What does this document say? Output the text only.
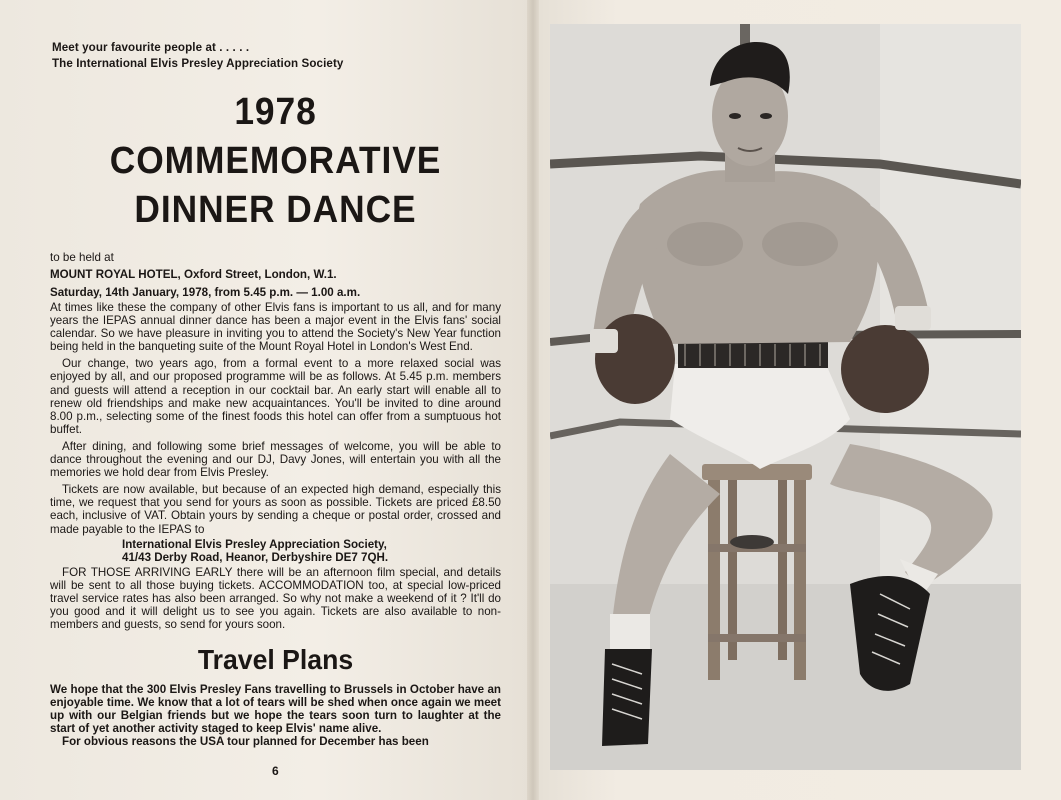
Meet your favourite people at . . . . .
The International Elvis Presley Appreciation Society
1978 COMMEMORATIVE
DINNER DANCE
to be held at
MOUNT ROYAL HOTEL, Oxford Street, London, W.1.
Saturday, 14th January, 1978, from 5.45 p.m. — 1.00 a.m.

At times like these the company of other Elvis fans is important to us all, and for many years the IEPAS annual dinner dance has been a major event in the Elvis fans' social calendar. So we have pleasure in inviting you to attend the Society's New Year function being held in the banqueting suite of the Mount Royal Hotel in London's West End.

Our change, two years ago, from a formal event to a more relaxed social was enjoyed by all, and our proposed programme will be as follows. At 5.45 p.m. members and guests will attend a reception in our cocktail bar. An early start will enable all to renew old friendships and make new acquaintances. You'll be invited to dine around 8.00 p.m., selecting some of the finest foods this hotel can offer from a sumptuous hot buffet.

After dining, and following some brief messages of welcome, you will be able to dance throughout the evening and our DJ, Davy Jones, will entertain you with all the memories we hold dear from Elvis Presley.

Tickets are now available, but because of an expected high demand, especially this time, we request that you send for yours as soon as possible. Tickets are priced £8.50 each, inclusive of VAT. Obtain yours by sending a cheque or postal order, crossed and made payable to the IEPAS to

International Elvis Presley Appreciation Society,
41/43 Derby Road, Heanor, Derbyshire DE7 7QH.

FOR THOSE ARRIVING EARLY there will be an afternoon film special, and details will be sent to all those buying tickets. ACCOMMODATION too, at special low-priced travel service rates has also been arranged. So why not make a weekend of it ? It'll do you good and it will delight us to see you again. Tickets are also available to non-members and guests, so send for yours soon.

Travel Plans

We hope that the 300 Elvis Presley Fans travelling to Brussels in October have an enjoyable time. We know that a lot of tears will be shed when once again we meet up with our Belgian friends but we hope the tears soon turn to laughter at the start of yet another activity staged to keep Elvis' name alive.

For obvious reasons the USA tour planned for December has been

6
